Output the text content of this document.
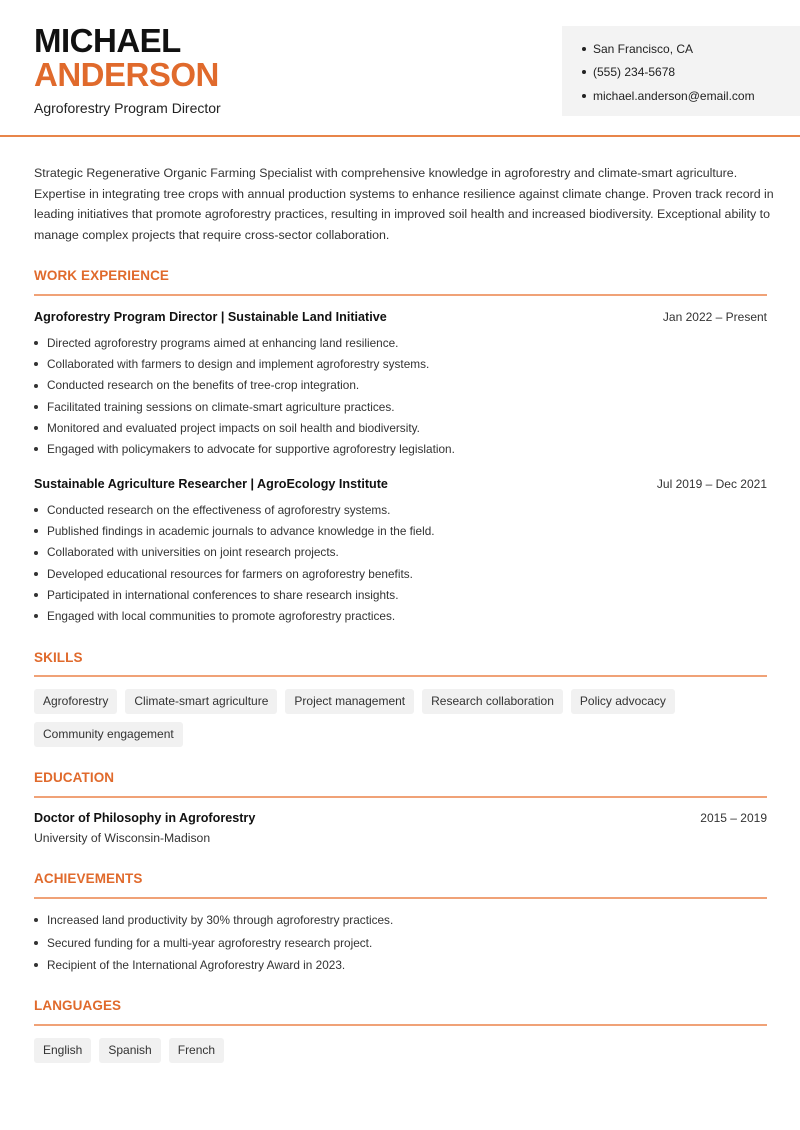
MICHAEL
ANDERSON
Agroforestry Program Director
San Francisco, CA
(555) 234-5678
michael.anderson@email.com

Strategic Regenerative Organic Farming Specialist with comprehensive knowledge in agroforestry and climate-smart agriculture. Expertise in integrating tree crops with annual production systems to enhance resilience against climate change. Proven track record in leading initiatives that promote agroforestry practices, resulting in improved soil health and increased biodiversity. Exceptional ability to manage complex projects that require cross-sector collaboration.

WORK EXPERIENCE
Agroforestry Program Director | Sustainable Land Initiative	Jan 2022 – Present
Directed agroforestry programs aimed at enhancing land resilience.
Collaborated with farmers to design and implement agroforestry systems.
Conducted research on the benefits of tree-crop integration.
Facilitated training sessions on climate-smart agriculture practices.
Monitored and evaluated project impacts on soil health and biodiversity.
Engaged with policymakers to advocate for supportive agroforestry legislation.
Sustainable Agriculture Researcher | AgroEcology Institute	Jul 2019 – Dec 2021
Conducted research on the effectiveness of agroforestry systems.
Published findings in academic journals to advance knowledge in the field.
Collaborated with universities on joint research projects.
Developed educational resources for farmers on agroforestry benefits.
Participated in international conferences to share research insights.
Engaged with local communities to promote agroforestry practices.
SKILLS
Agroforestry	Climate-smart agriculture	Project management	Research collaboration	Policy advocacy
Community engagement
EDUCATION
Doctor of Philosophy in Agroforestry	2015 – 2019
University of Wisconsin-Madison
ACHIEVEMENTS
Increased land productivity by 30% through agroforestry practices.
Secured funding for a multi-year agroforestry research project.
Recipient of the International Agroforestry Award in 2023.
LANGUAGES
English	Spanish	French
